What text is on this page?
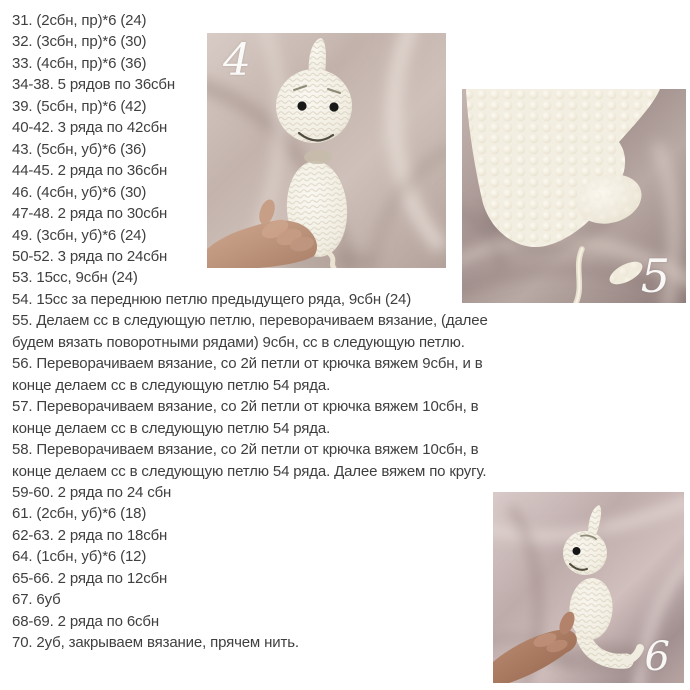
31. (2сбн, пр)*6 (24)
32. (3сбн, пр)*6 (30)
33. (4сбн, пр)*6 (36)
34-38. 5 рядов по 36сбн
39. (5сбн, пр)*6 (42)
40-42. 3 ряда по 42сбн
43. (5сбн, уб)*6 (36)
44-45. 2 ряда по 36сбн
46. (4сбн, уб)*6 (30)
47-48. 2 ряда по 30сбн
49. (3сбн, уб)*6 (24)
50-52. 3 ряда по 24сбн
53. 15сс, 9сбн (24)
54. 15сс за переднюю петлю предыдущего ряда, 9сбн (24)
55. Делаем сс в следующую петлю, переворачиваем вязание, (далее
будем вязать поворотными рядами) 9сбн, сс в следующую петлю.
56. Переворачиваем вязание, со 2й петли от крючка вяжем 9сбн, и в
конце делаем сс в следующую петлю 54 ряда.
57. Переворачиваем вязание, со 2й петли от крючка вяжем 10сбн, в
конце делаем сс в следующую петлю 54 ряда.
58. Переворачиваем вязание, со 2й петли от крючка вяжем 10сбн, в
конце делаем сс в следующую петлю 54 ряда. Далее вяжем по кругу.
59-60. 2 ряда по 24 сбн
61. (2сбн, уб)*6 (18)
62-63. 2 ряда по 18сбн
64. (1сбн, уб)*6 (12)
65-66. 2 ряда по 12сбн
67. 6уб
68-69. 2 ряда по 6сбн
70. 2уб, закрываем вязание, прячем нить.
4
5
6
